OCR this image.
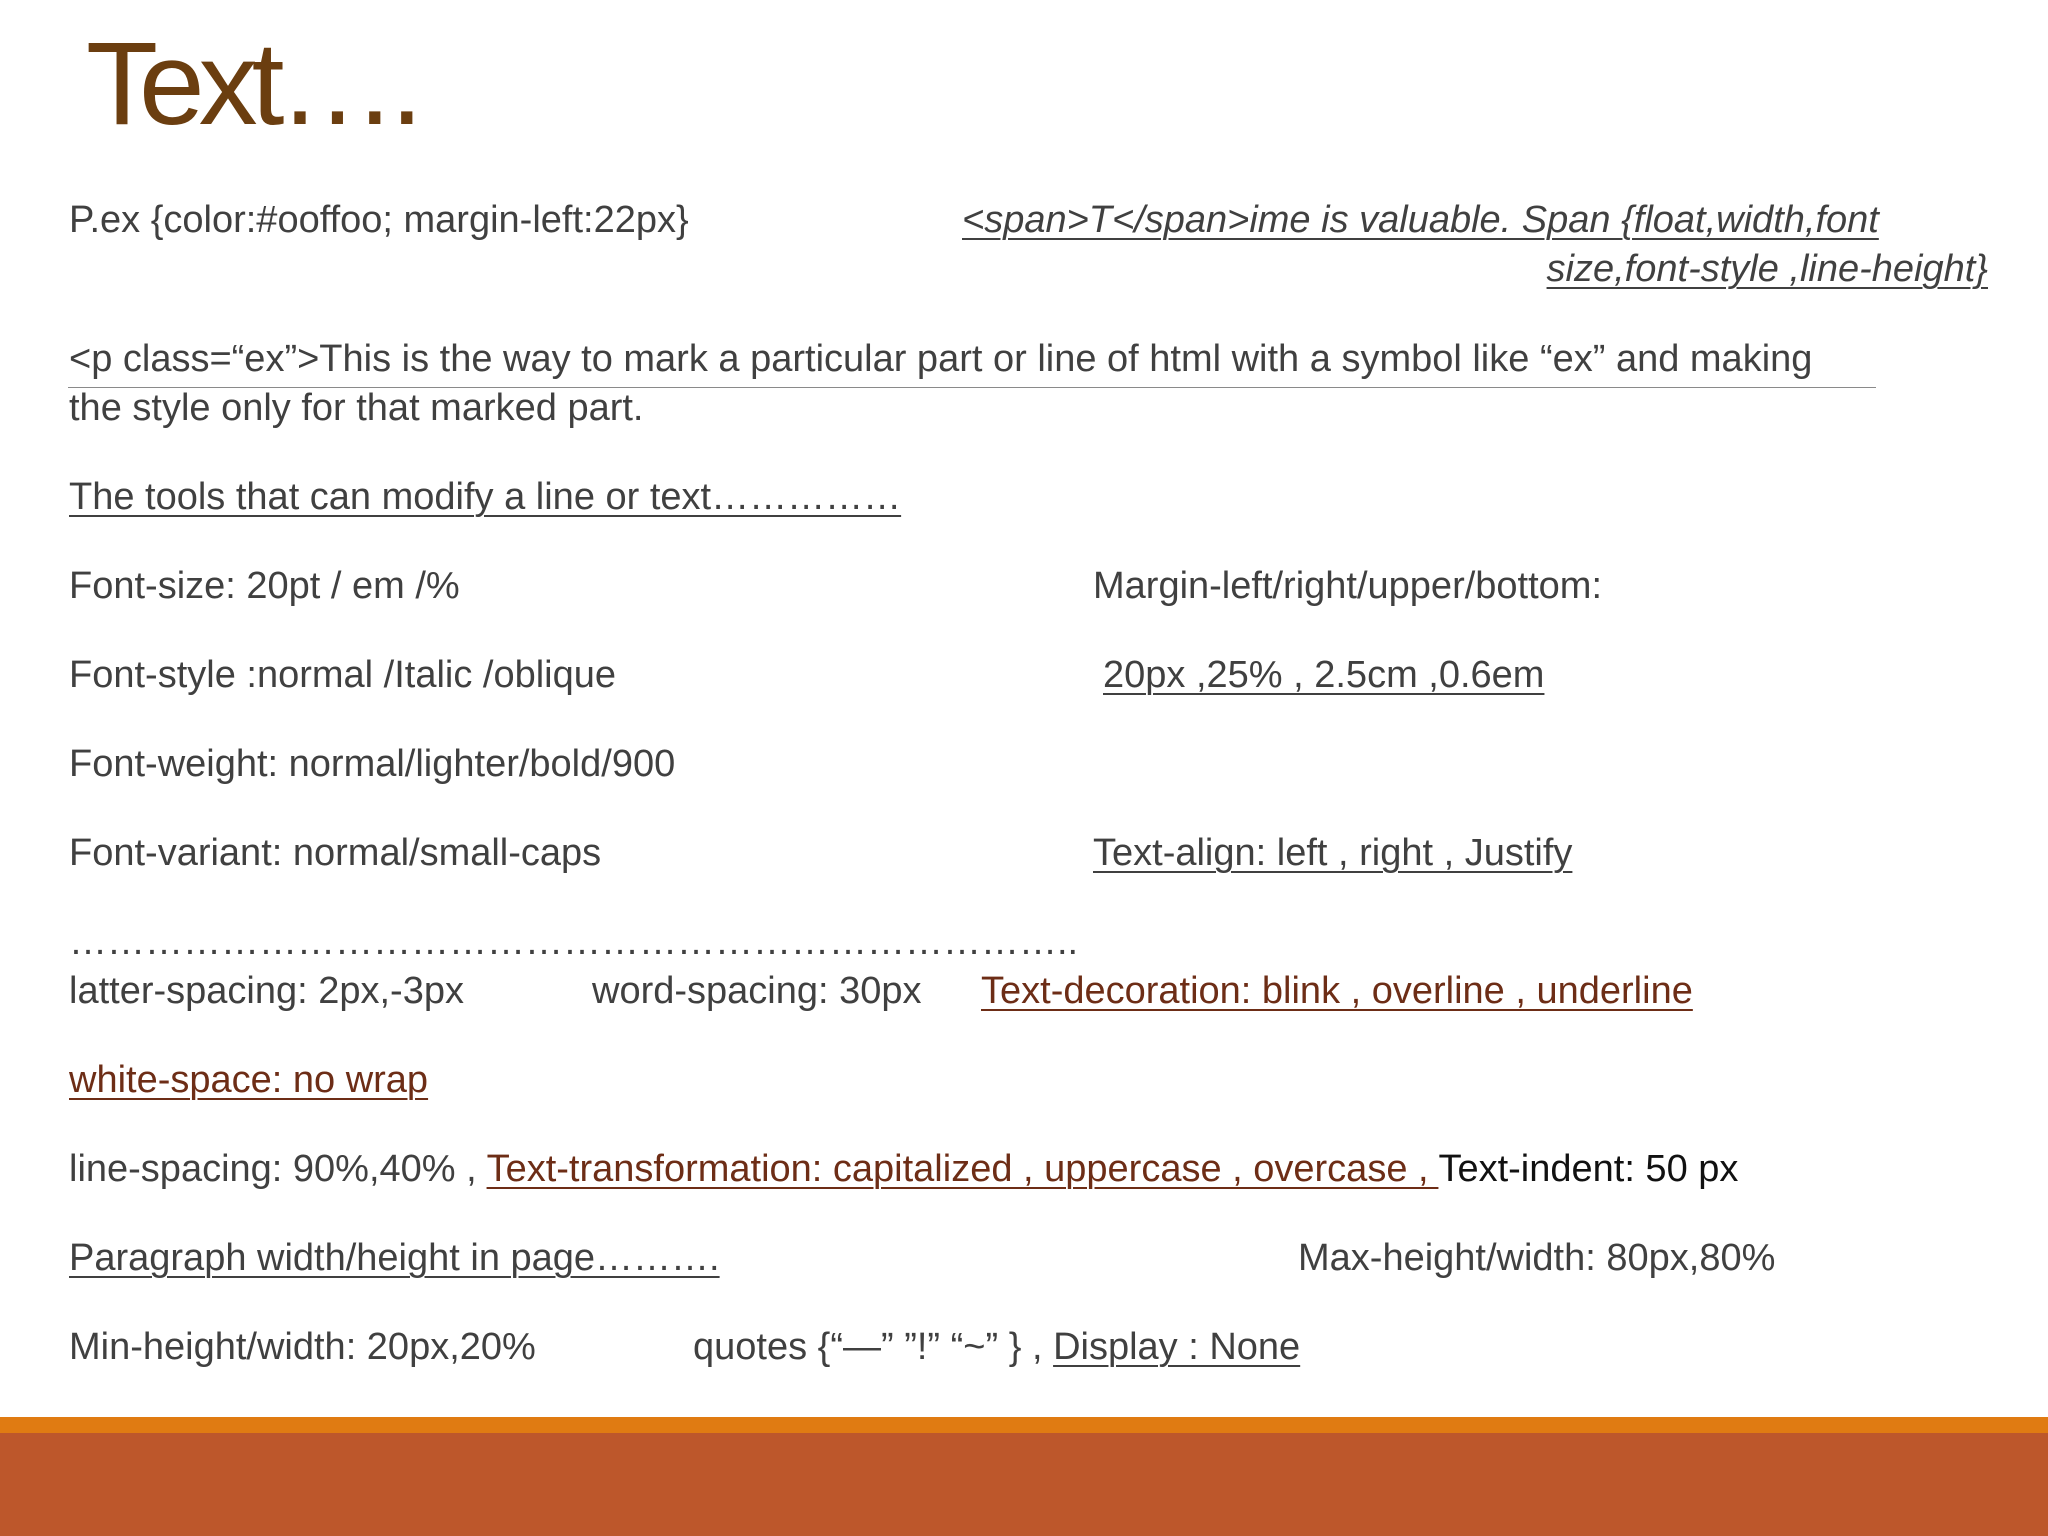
Text….
P.ex {color:#ooffoo; margin-left:22px}	<span>T</span>ime is valuable. Span {float,width,font
size,font-style ,line-height}
<p class=“ex”>This is the way to mark a particular part or line of html with a symbol like “ex” and making
the style only for that marked part.
The tools that can modify a line or text……………
Font-size: 20pt / em /%	Margin-left/right/upper/bottom:
Font-style :normal /Italic /oblique	20px ,25% , 2.5cm ,0.6em
Font-weight: normal/lighter/bold/900
Font-variant: normal/small-caps	Text-align: left , right , Justify
……………………………………………………………………..
latter-spacing: 2px,-3px	word-spacing: 30px Text-decoration: blink , overline , underline
white-space: no wrap
line-spacing: 90%,40% , Text-transformation: capitalized , uppercase , overcase , Text-indent: 50 px
Paragraph width/height in page……….	Max-height/width: 80px,80%
Min-height/width: 20px,20%	quotes {“—” ”!” “~” } , Display : None
